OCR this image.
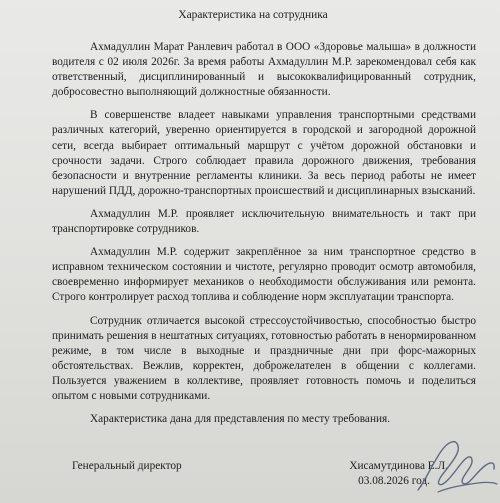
Характеристика на сотрудника
Ахмадуллин Марат Ранлевич работал в ООО «Здоровье малыша» в должности водителя с 02 июля 2026г. За время работы Ахмадуллин М.Р. зарекомендовал себя как ответственный, дисциплинированный и высококвалифицированный сотрудник, добросовестно выполняющий должностные обязанности.
В совершенстве владеет навыками управления транспортными средствами различных категорий, уверенно ориентируется в городской и загородной дорожной сети, всегда выбирает оптимальный маршрут с учётом дорожной обстановки и срочности задачи. Строго соблюдает правила дорожного движения, требования безопасности и внутренние регламенты клиники. За весь период работы не имеет нарушений ПДД, дорожно-транспортных происшествий и дисциплинарных взысканий.
Ахмадуллин М.Р. проявляет исключительную внимательность и такт при транспортировке сотрудников.
Ахмадуллин М.Р. содержит закреплённое за ним транспортное средство в исправном техническом состоянии и чистоте, регулярно проводит осмотр автомобиля, своевременно информирует механиков о необходимости обслуживания или ремонта. Строго контролирует расход топлива и соблюдение норм эксплуатации транспорта.
Сотрудник отличается высокой стрессоустойчивостью, способностью быстро принимать решения в нештатных ситуациях, готовностью работать в ненормированном режиме, в том числе в выходные и праздничные дни при форс-мажорных обстоятельствах. Вежлив, корректен, доброжелателен в общении с коллегами. Пользуется уважением в коллективе, проявляет готовность помочь и поделиться опытом с новыми сотрудниками.
Характеристика дана для представления по месту требования.
Генеральный директор	Хисамутдинова Е.Л.
03.08.2026 год.
